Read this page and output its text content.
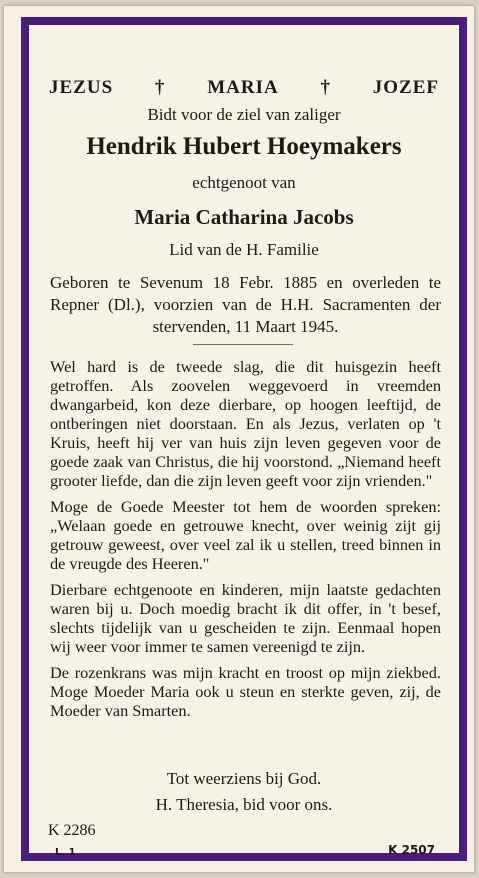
JEZUS † MARIA † JOZEF
Bidt voor de ziel van zaliger
Hendrik Hubert Hoeymakers
echtgenoot van
Maria Catharina Jacobs
Lid van de H. Familie
Geboren te Sevenum 18 Febr. 1885 en overleden te Repner (Dl.), voorzien van de H.H. Sacramenten der stervenden, 11 Maart 1945.

Wel hard is de tweede slag, die dit huisgezin heeft getroffen. Als zoovelen weggevoerd in vreemden dwangarbeid, kon deze dierbare, op hoogen leeftijd, de ontberingen niet doorstaan. En als Jezus, verlaten op 't Kruis, heeft hij ver van huis zijn leven gegeven voor de goede zaak van Christus, die hij voorstond. „Niemand heeft grooter liefde, dan die zijn leven geeft voor zijn vrienden."

Moge de Goede Meester tot hem de woorden spreken: „Welaan goede en getrouwe knecht, over weinig zijt gij getrouw geweest, over veel zal ik u stellen, treed binnen in de vreugde des Heeren."

Dierbare echtgenoote en kinderen, mijn laatste gedachten waren bij u. Doch moedig bracht ik dit offer, in 't besef, slechts tijdelijk van u gescheiden te zijn. Eenmaal hopen wij weer voor immer te samen vereenigd te zijn.

De rozenkrans was mijn kracht en troost op mijn ziekbed. Moge Moeder Maria ook u steun en sterkte geven, zij, de Moeder van Smarten.

Tot weerziens bij God.
H. Theresia, bid voor ons.
K 2286
L. 1	K 2507
